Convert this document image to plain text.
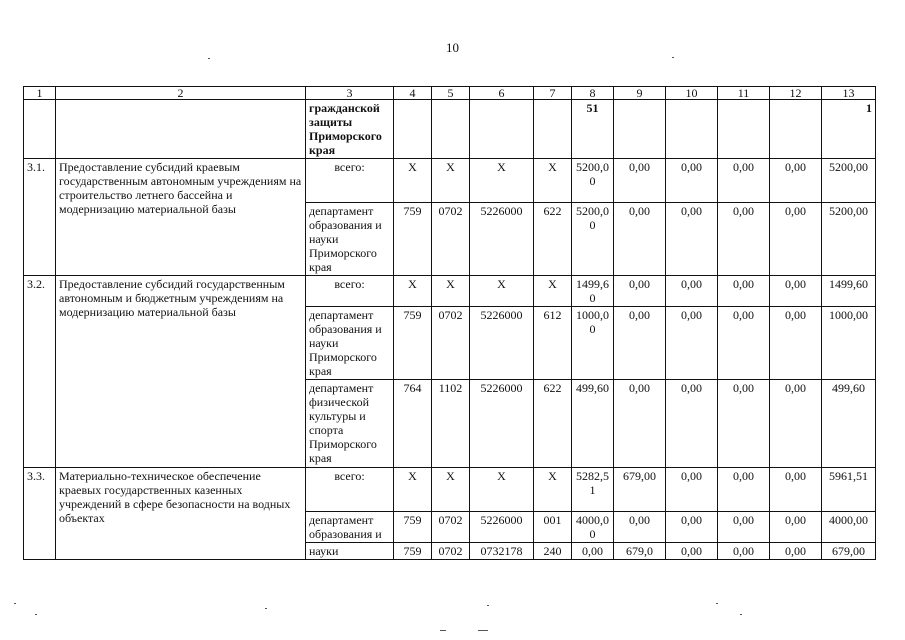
10
1	2	3	4	5	6	7	8	9	10	11	12	13
		гражданской защиты Приморского края					51					1
3.1.	Предоставление субсидий краевым государственным автономным учреждениям на строительство летнего бассейна и модернизацию материальной базы	всего:	Х	Х	Х	Х	5200,00	0,00	0,00	0,00	0,00	5200,00
		департамент образования и науки Приморского края	759	0702	5226000	622	5200,00	0,00	0,00	0,00	0,00	5200,00
3.2.	Предоставление субсидий государственным автономным и бюджетным учреждениям на модернизацию материальной базы	всего:	Х	Х	Х	Х	1499,60	0,00	0,00	0,00	0,00	1499,60
		департамент образования и науки Приморского края	759	0702	5226000	612	1000,00	0,00	0,00	0,00	0,00	1000,00
		департамент физической культуры и спорта Приморского края	764	1102	5226000	622	499,60	0,00	0,00	0,00	0,00	499,60
3.3.	Материально-техническое обеспечение краевых государственных казенных учреждений в сфере безопасности на водных объектах	всего:	Х	Х	Х	Х	5282,51	679,00	0,00	0,00	0,00	5961,51
		департамент образования и	759	0702	5226000	001	4000,00	0,00	0,00	0,00	0,00	4000,00
		науки	759	0702	0732178	240	0,00	679,0	0,00	0,00	0,00	679,00
